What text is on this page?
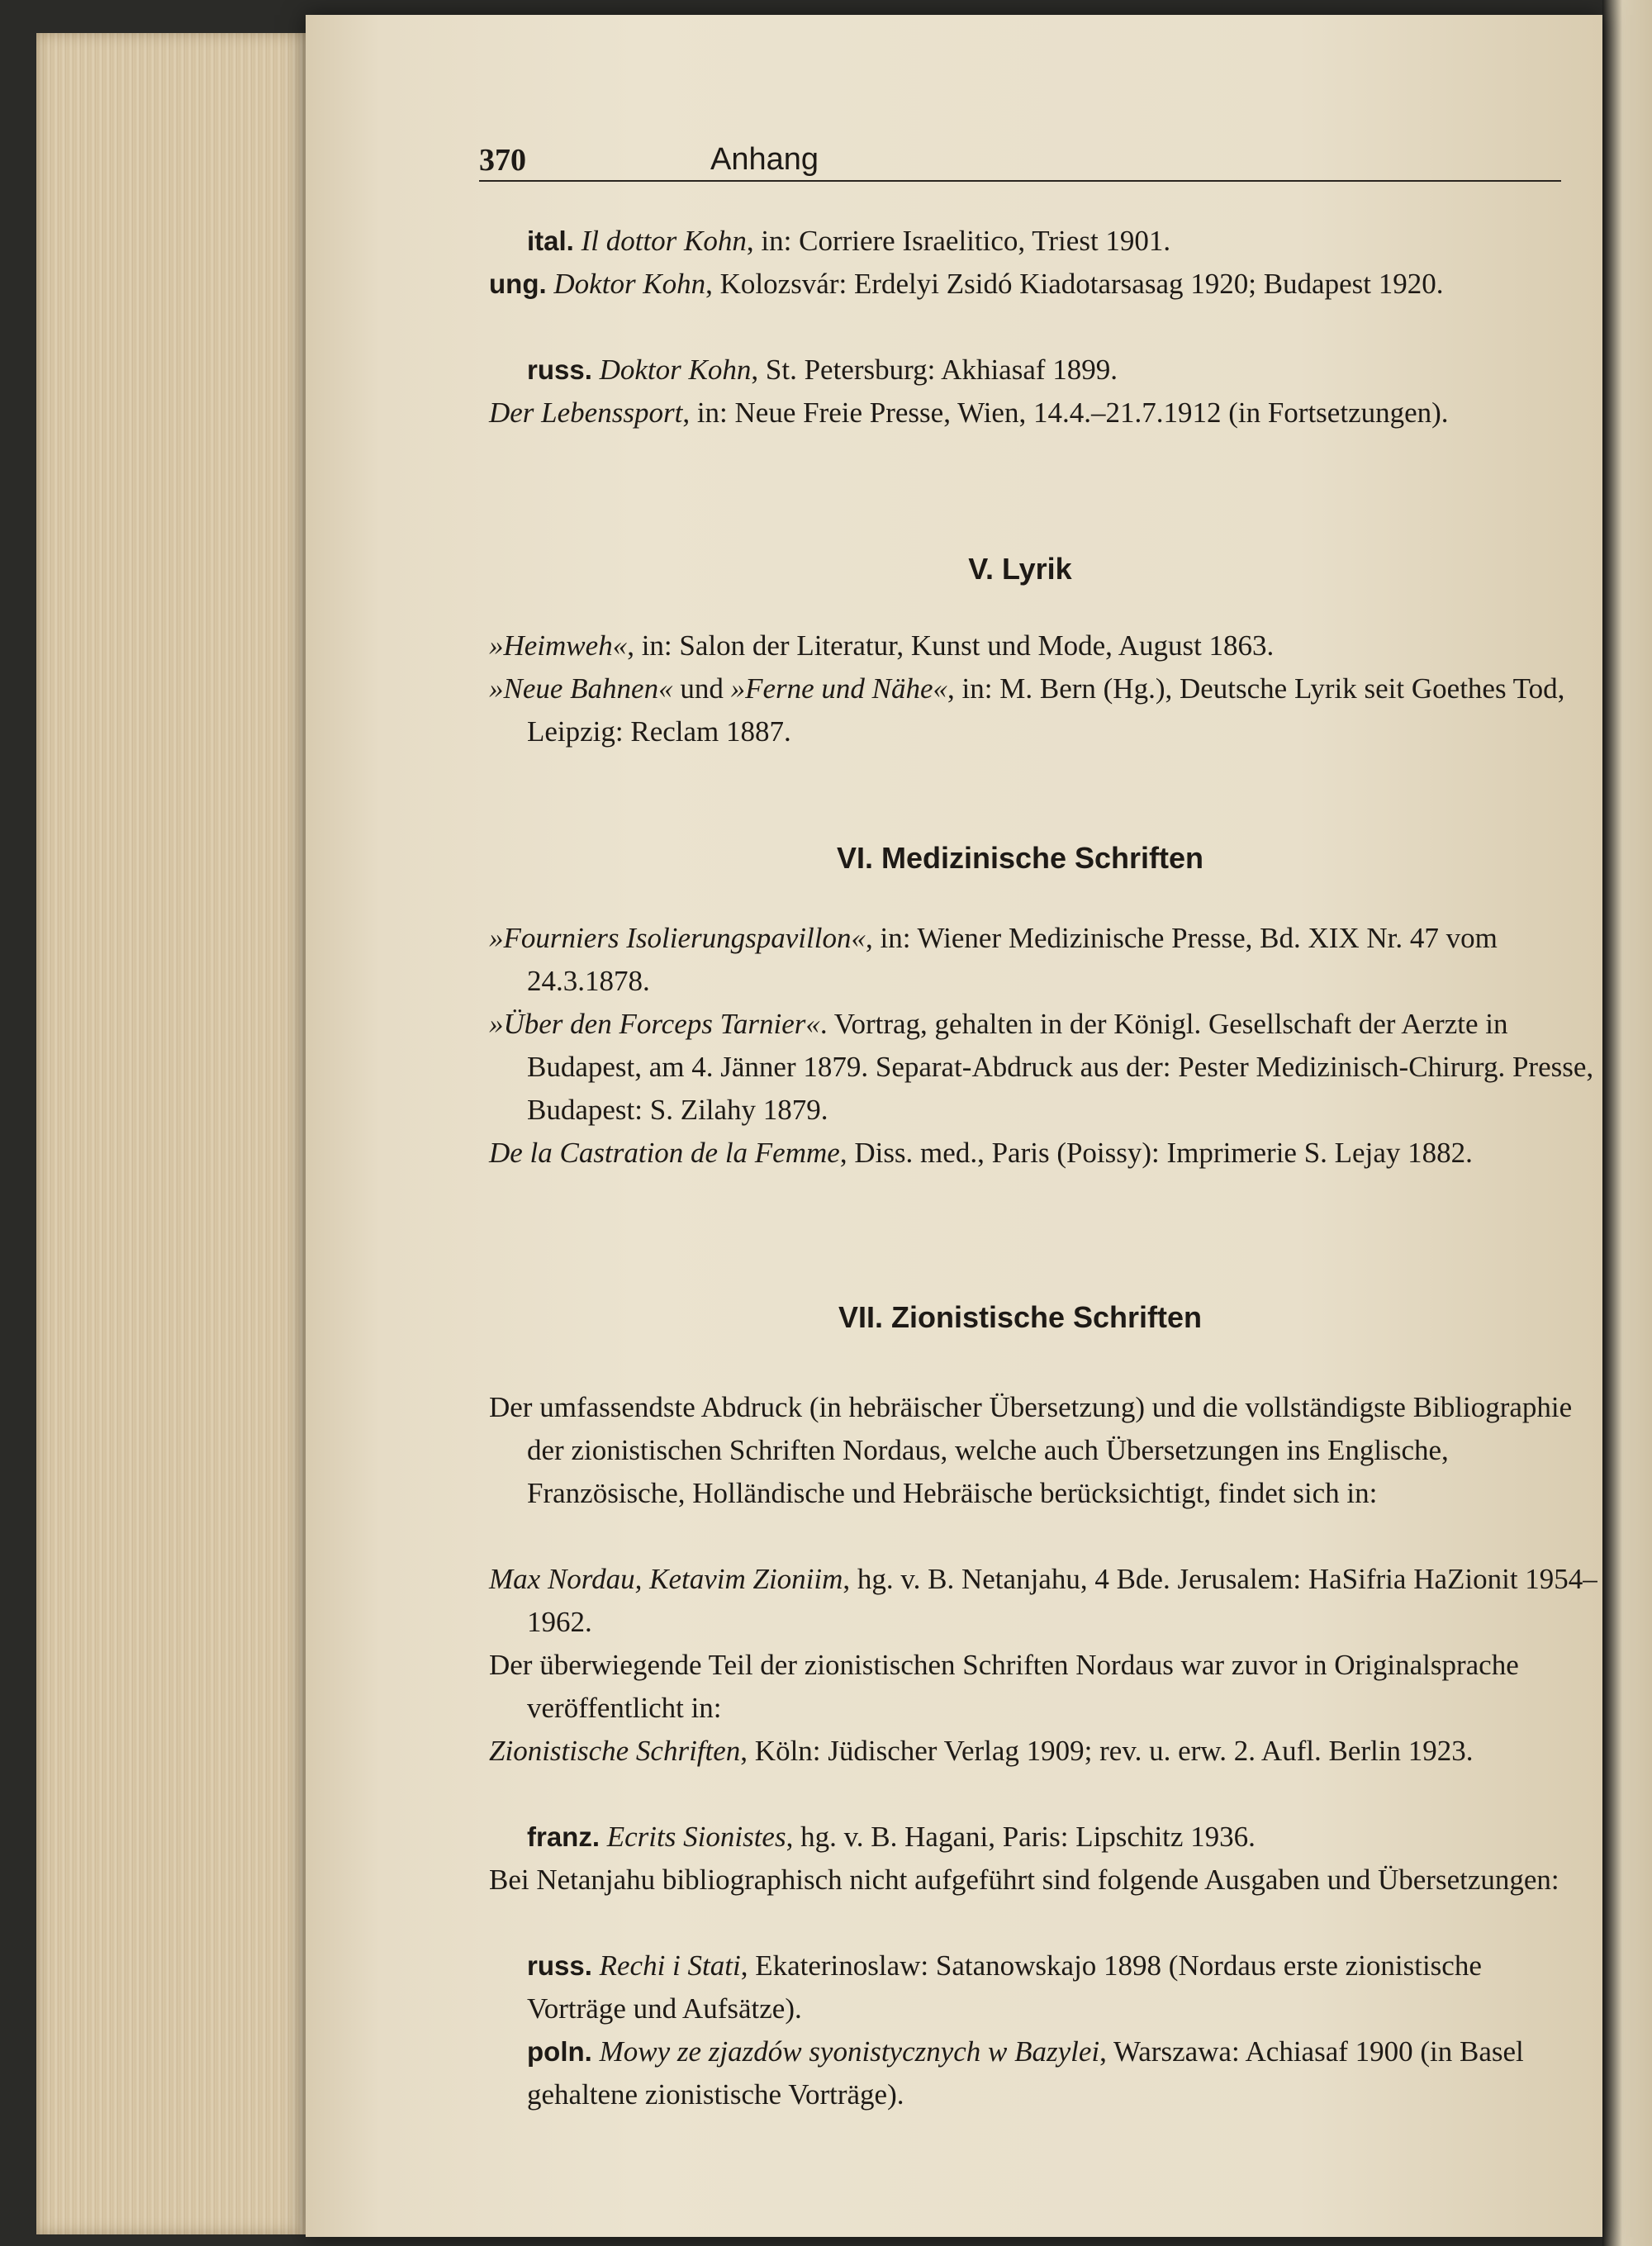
370	Anhang
ital. Il dottor Kohn, in: Corriere Israelitico, Triest 1901.
ung. Doktor Kohn, Kolozsvár: Erdelyi Zsidó Kiadotarsasag 1920; Budapest 1920.
russ. Doktor Kohn, St. Petersburg: Akhiasaf 1899.
Der Lebenssport, in: Neue Freie Presse, Wien, 14.4.–21.7.1912 (in Fortsetzungen).
V. Lyrik
»Heimweh«, in: Salon der Literatur, Kunst und Mode, August 1863.
»Neue Bahnen« und »Ferne und Nähe«, in: M. Bern (Hg.), Deutsche Lyrik seit Goethes Tod, Leipzig: Reclam 1887.
VI. Medizinische Schriften
»Fourniers Isolierungspavillon«, in: Wiener Medizinische Presse, Bd. XIX Nr. 47 vom 24.3.1878.
»Über den Forceps Tarnier«. Vortrag, gehalten in der Königl. Gesellschaft der Aerzte in Budapest, am 4. Jänner 1879. Separat-Abdruck aus der: Pester Medizinisch-Chirurg. Presse, Budapest: S. Zilahy 1879.
De la Castration de la Femme, Diss. med., Paris (Poissy): Imprimerie S. Lejay 1882.
VII. Zionistische Schriften
Der umfassendste Abdruck (in hebräischer Übersetzung) und die vollständigste Bibliographie der zionistischen Schriften Nordaus, welche auch Übersetzungen ins Englische, Französische, Holländische und Hebräische berücksichtigt, findet sich in:
Max Nordau, Ketavim Zioniim, hg. v. B. Netanjahu, 4 Bde. Jerusalem: HaSifria HaZionit 1954–1962.
Der überwiegende Teil der zionistischen Schriften Nordaus war zuvor in Originalsprache veröffentlicht in:
Zionistische Schriften, Köln: Jüdischer Verlag 1909; rev. u. erw. 2. Aufl. Berlin 1923.
franz. Ecrits Sionistes, hg. v. B. Hagani, Paris: Lipschitz 1936.
Bei Netanjahu bibliographisch nicht aufgeführt sind folgende Ausgaben und Übersetzungen:
russ. Rechi i Stati, Ekaterinoslaw: Satanowskajo 1898 (Nordaus erste zionistische Vorträge und Aufsätze).
poln. Mowy ze zjazdów syonistycznych w Bazylei, Warszawa: Achiasaf 1900 (in Basel gehaltene zionistische Vorträge).
